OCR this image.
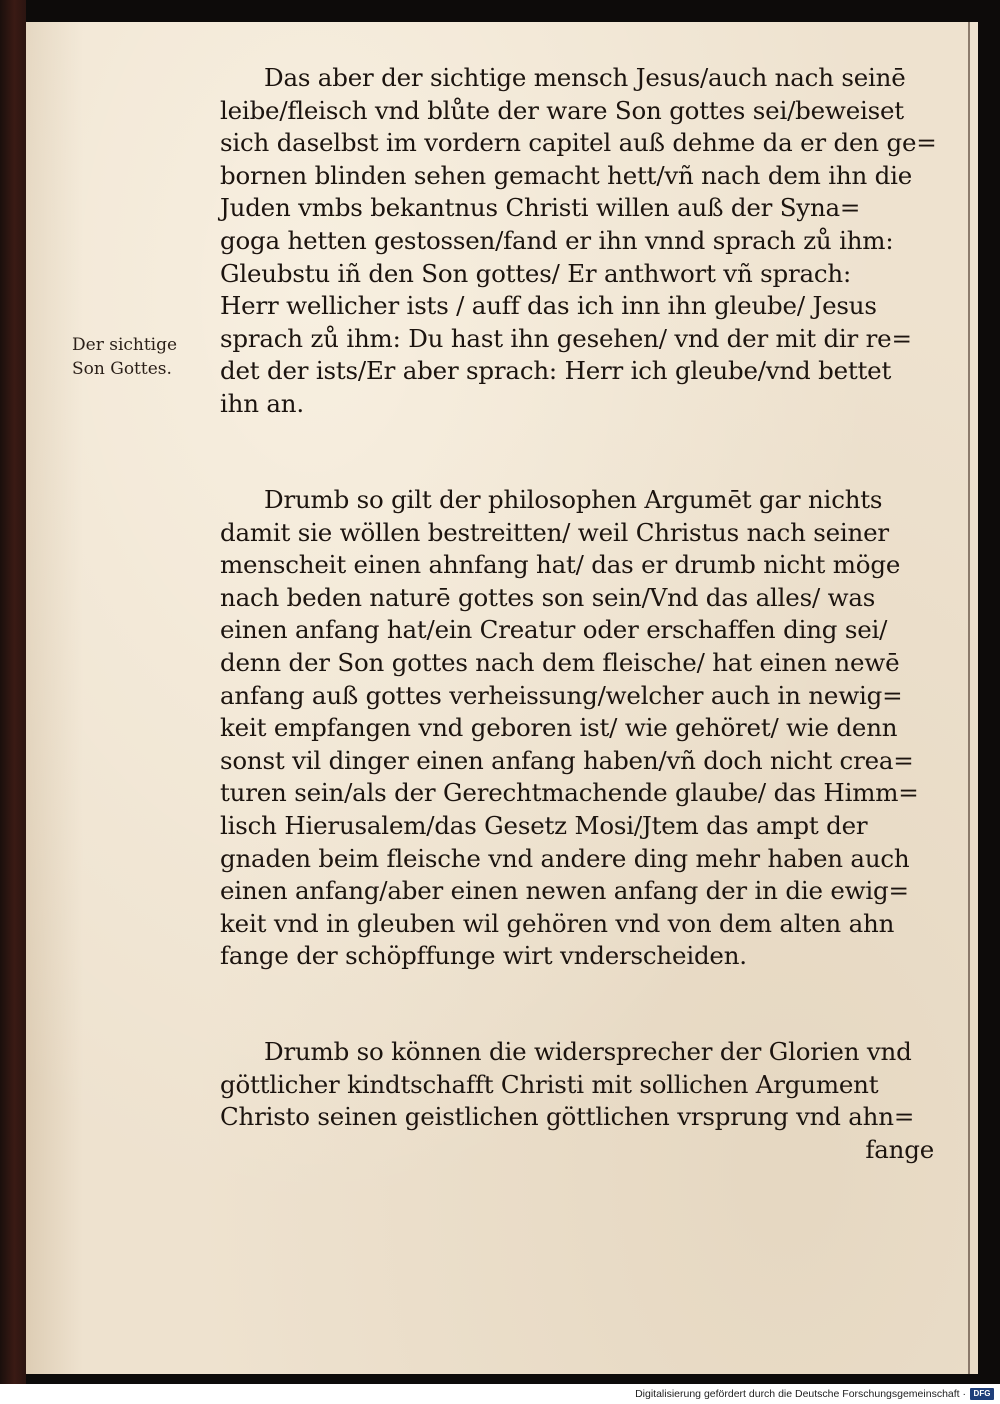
Der sichtige
Son Gottes.
Das aber der sichtige mensch Jesus/auch nach seinē
leibe/fleisch vnd blůte der ware Son gottes sei/beweiset
sich daselbst im vordern capitel auß dehme da er den ge=
bornen blinden sehen gemacht hett/vñ nach dem ihn die
Juden vmbs bekantnus Christi willen auß der Syna=
goga hetten gestossen/fand er ihn vnnd sprach zů ihm:
Gleubstu iñ den Son gottes/ Er anthwort vñ sprach:
Herr wellicher ists / auff das ich inn ihn gleube/ Jesus
sprach zů ihm: Du hast ihn gesehen/ vnd der mit dir re=
det der ists/Er aber sprach: Herr ich gleube/vnd bettet
ihn an.
Drumb so gilt der philosophen Argumēt gar nichts
damit sie wöllen bestreitten/ weil Christus nach seiner
menscheit einen ahnfang hat/ das er drumb nicht möge
nach beden naturē gottes son sein/Vnd das alles/ was
einen anfang hat/ein Creatur oder erschaffen ding sei/
denn der Son gottes nach dem fleische/ hat einen newē
anfang auß gottes verheissung/welcher auch in newig=
keit empfangen vnd geboren ist/ wie gehöret/ wie denn
sonst vil dinger einen anfang haben/vñ doch nicht crea=
turen sein/als der Gerechtmachende glaube/ das Himm=
lisch Hierusalem/das Gesetz Mosi/Jtem das ampt der
gnaden beim fleische vnd andere ding mehr haben auch
einen anfang/aber einen newen anfang der in die ewig=
keit vnd in gleuben wil gehören vnd von dem alten ahn
fange der schöpffunge wirt vnderscheiden.
Drumb so können die widersprecher der Glorien vnd
göttlicher kindtschafft Christi mit sollichen Argument
Christo seinen geistlichen göttlichen vrsprung vnd ahn=
fange
Digitalisierung gefördert durch die Deutsche Forschungsgemeinschaft · DFG
